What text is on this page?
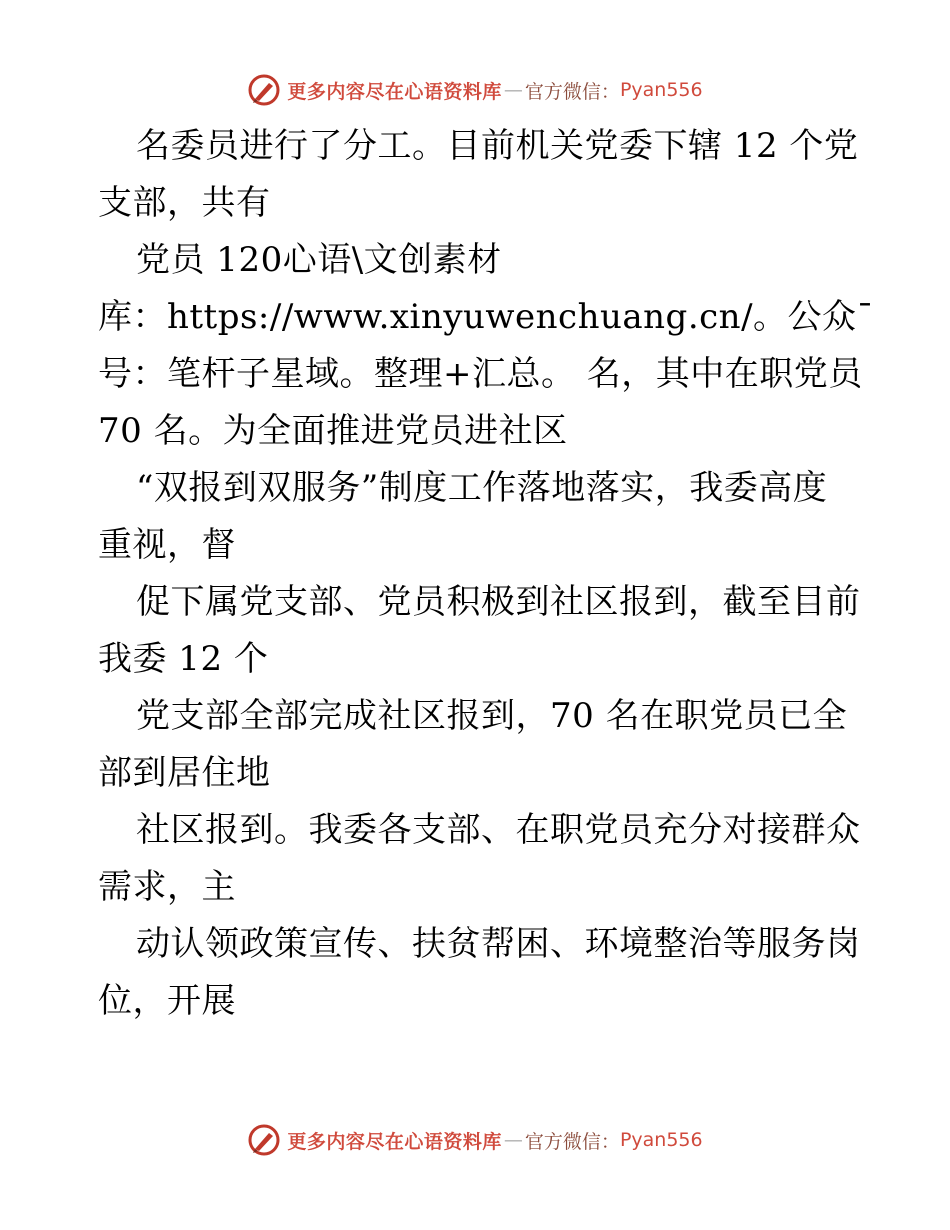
更多内容尽在心语资料库 — 官方微信： Pyan556
名委员进行了分工。目前机关党委下辖 12 个党
支部，共有
党员 120心语\文创素材
库：https://www.xinyuwenchuang.cn/。公众¯
号：笔杆子星域。整理+汇总。 名，其中在职党员
70 名。为全面推进党员进社区
“双报到双服务”制度工作落地落实，我委高度
重视，督
促下属党支部、党员积极到社区报到，截至目前
我委 12 个
党支部全部完成社区报到，70 名在职党员已全
部到居住地
社区报到。我委各支部、在职党员充分对接群众
需求，主
动认领政策宣传、扶贫帮困、环境整治等服务岗
位，开展
更多内容尽在心语资料库 — 官方微信： Pyan556
